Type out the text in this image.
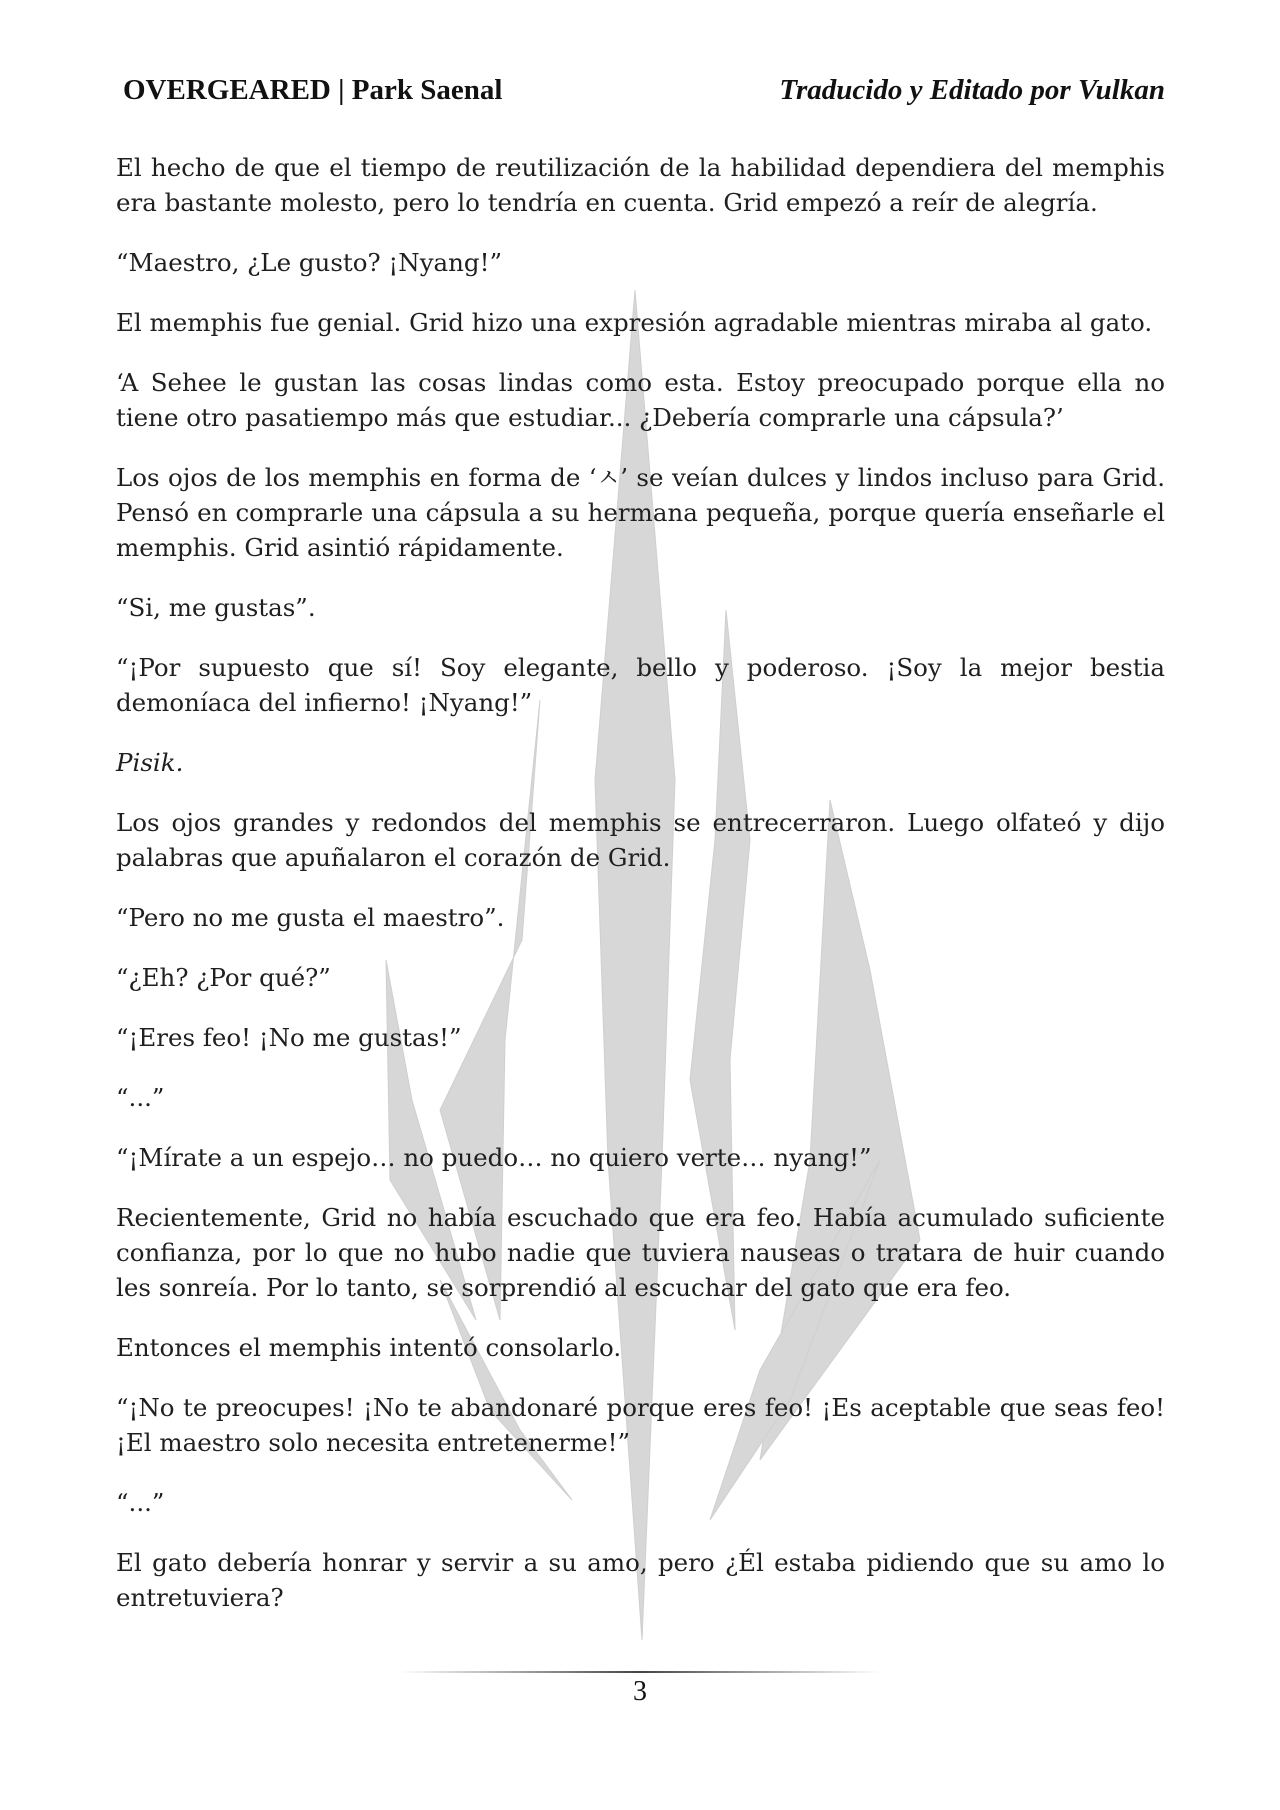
OVERGEARED | Park Saenal	Traducido y Editado por Vulkan

El hecho de que el tiempo de reutilización de la habilidad dependiera del memphis era bastante molesto, pero lo tendría en cuenta. Grid empezó a reír de alegría.

“Maestro, ¿Le gusto? ¡Nyang!”

El memphis fue genial. Grid hizo una expresión agradable mientras miraba al gato.

‘A Sehee le gustan las cosas lindas como esta. Estoy preocupado porque ella no tiene otro pasatiempo más que estudiar... ¿Debería comprarle una cápsula?’

Los ojos de los memphis en forma de ‘ㅅ’ se veían dulces y lindos incluso para Grid. Pensó en comprarle una cápsula a su hermana pequeña, porque quería enseñarle el memphis. Grid asintió rápidamente.

“Si, me gustas”.

“¡Por supuesto que sí! Soy elegante, bello y poderoso. ¡Soy la mejor bestia demoníaca del infierno! ¡Nyang!”

Pisik.

Los ojos grandes y redondos del memphis se entrecerraron. Luego olfateó y dijo palabras que apuñalaron el corazón de Grid.

“Pero no me gusta el maestro”.

“¿Eh? ¿Por qué?”

“¡Eres feo! ¡No me gustas!”

“...”

“¡Mírate a un espejo… no puedo… no quiero verte… nyang!”

Recientemente, Grid no había escuchado que era feo. Había acumulado suficiente confianza, por lo que no hubo nadie que tuviera nauseas o tratara de huir cuando les sonreía. Por lo tanto, se sorprendió al escuchar del gato que era feo.

Entonces el memphis intentó consolarlo.

“¡No te preocupes! ¡No te abandonaré porque eres feo! ¡Es aceptable que seas feo! ¡El maestro solo necesita entretenerme!”

“...”

El gato debería honrar y servir a su amo, pero ¿Él estaba pidiendo que su amo lo entretuviera?

3
